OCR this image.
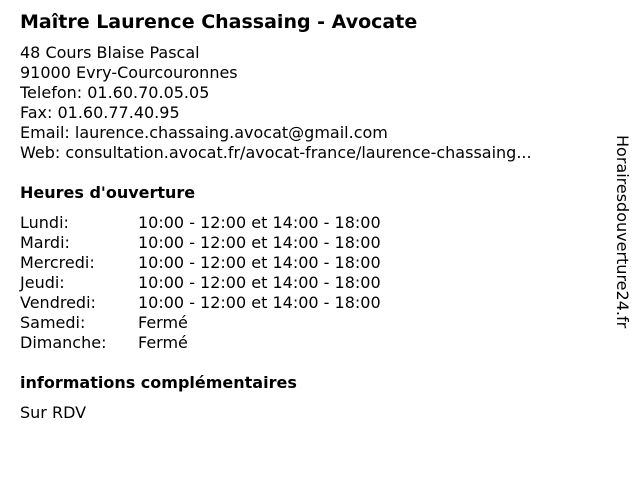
Maître Laurence Chassaing - Avocate
48 Cours Blaise Pascal
91000 Evry-Courcouronnes
Telefon: 01.60.70.05.05
Fax: 01.60.77.40.95
Email: laurence.chassaing.avocat@gmail.com
Web: consultation.avocat.fr/avocat-france/laurence-chassaing...
Heures d'ouverture
Lundi:	10:00 - 12:00 et 14:00 - 18:00
Mardi:	10:00 - 12:00 et 14:00 - 18:00
Mercredi:	10:00 - 12:00 et 14:00 - 18:00
Jeudi:	10:00 - 12:00 et 14:00 - 18:00
Vendredi:	10:00 - 12:00 et 14:00 - 18:00
Samedi:	Fermé
Dimanche: Fermé
informations complémentaires
Sur RDV
Horairesdouverture24.fr
